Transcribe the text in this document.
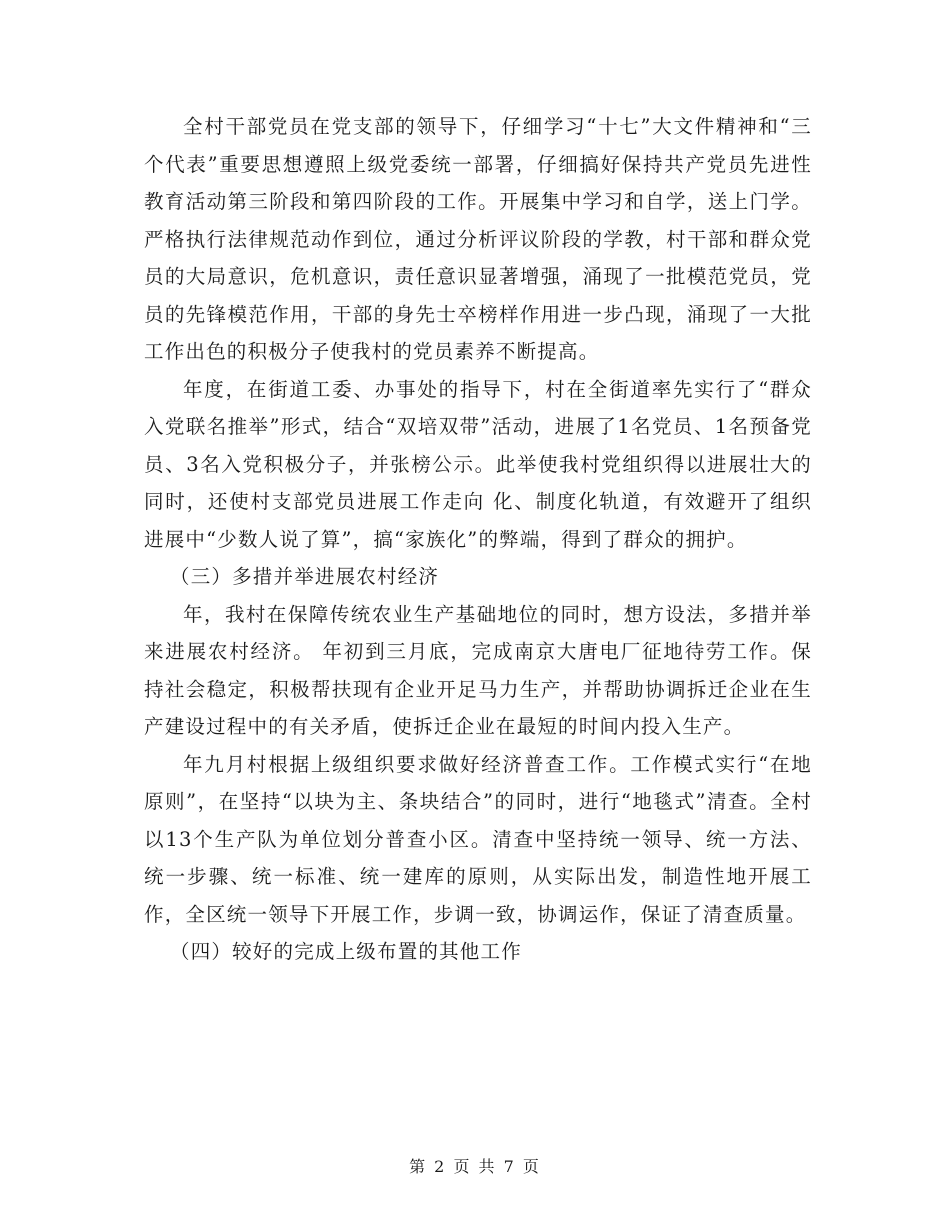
全村干部党员在党支部的领导下，仔细学习“十七”大文件精神和“三个代表”重要思想遵照上级党委统一部署，仔细搞好保持共产党员先进性教育活动第三阶段和第四阶段的工作。开展集中学习和自学，送上门学。严格执行法律规范动作到位，通过分析评议阶段的学教，村干部和群众党员的大局意识，危机意识，责任意识显著增强，涌现了一批模范党员，党员的先锋模范作用，干部的身先士卒榜样作用进一步凸现，涌现了一大批工作出色的积极分子使我村的党员素养不断提高。

年度，在街道工委、办事处的指导下，村在全街道率先实行了“群众入党联名推举”形式，结合“双培双带”活动，进展了1名党员、1名预备党员、3名入党积极分子，并张榜公示。此举使我村党组织得以进展壮大的同时，还使村支部党员进展工作走向 化、制度化轨道，有效避开了组织进展中“少数人说了算”，搞“家族化”的弊端，得到了群众的拥护。

（三）多措并举进展农村经济

年，我村在保障传统农业生产基础地位的同时，想方设法，多措并举来进展农村经济。 年初到三月底，完成南京大唐电厂征地待劳工作。保持社会稳定，积极帮扶现有企业开足马力生产，并帮助协调拆迁企业在生产建设过程中的有关矛盾，使拆迁企业在最短的时间内投入生产。

年九月村根据上级组织要求做好经济普查工作。工作模式实行“在地原则”，在坚持“以块为主、条块结合”的同时，进行“地毯式”清查。全村以13个生产队为单位划分普查小区。清查中坚持统一领导、统一方法、统一步骤、统一标准、统一建库的原则，从实际出发，制造性地开展工作，全区统一领导下开展工作，步调一致，协调运作，保证了清查质量。

（四）较好的完成上级布置的其他工作

第 2 页 共 7 页
